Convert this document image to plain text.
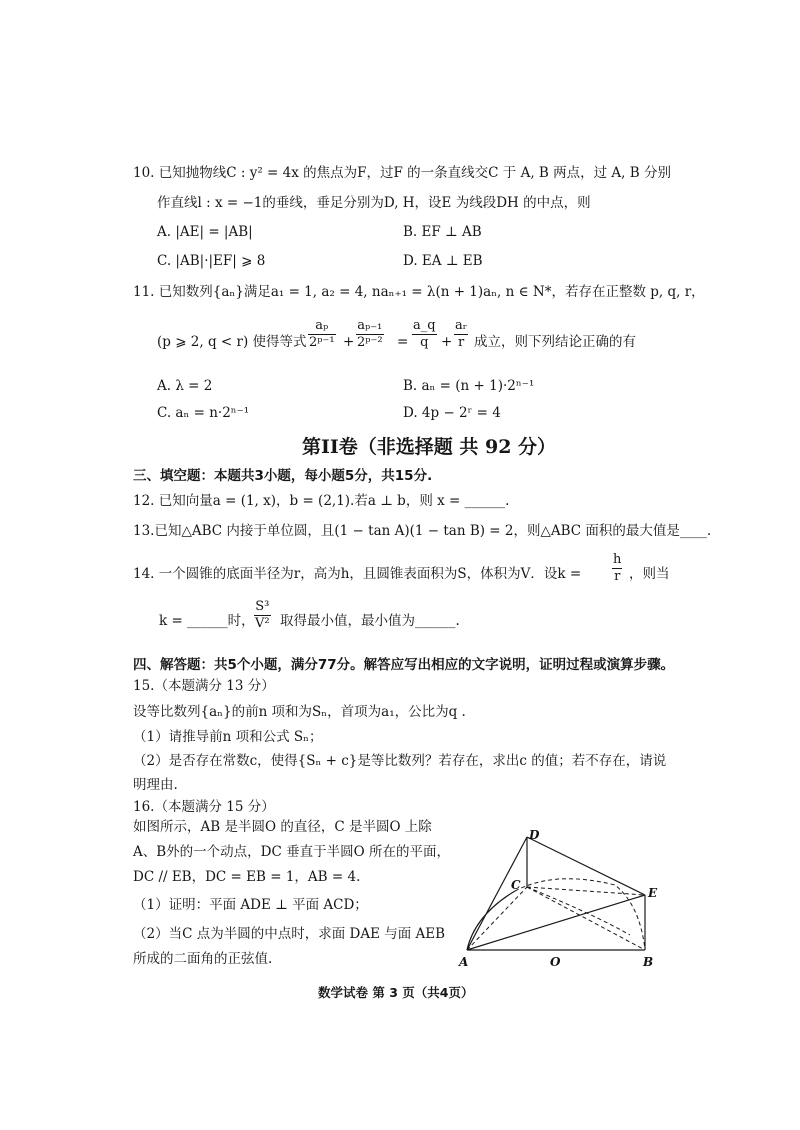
10. 已知抛物线C : y² = 4x 的焦点为F，过F 的一条直线交C 于 A, B 两点，过 A, B 分别
作直线l : x = −1的垂线，垂足分别为D, H，设E 为线段DH 的中点，则
A. |AE| = |AB|	B. EF ⊥ AB
C. |AB|·|EF| ⩾ 8	D. EA ⊥ EB
11. 已知数列{aₙ}满足a₁ = 1, a₂ = 4, naₙ₊₁ = λ(n + 1)aₙ, n ∈ N*，若存在正整数 p, q, r，
(p ⩾ 2, q < r) 使得等式 $\frac{\text{aₚ}}{\text{2ᵖ⁻¹}} + \frac{\text{aₚ₋₁}}{\text{2ᵖ⁻²}} = \frac{a\_q}{q} + \frac{\text{aᵣ}}{r}$ 成立，则下列结论正确的有
A. λ = 2	B. aₙ = (n + 1)·2ⁿ⁻¹
C. aₙ = n·2ⁿ⁻¹	D. 4p − 2ʳ = 4
第II卷（非选择题 共 92 分）
三、填空题：本题共3小题，每小题5分，共15分.
12. 已知向量a = (1, x)，b = (2,1).若a ⊥ b，则 x = ______.
13.已知△ABC 内接于单位圆，且(1 − tan A)(1 − tan B) = 2，则△ABC 面积的最大值是____.
14. 一个圆锥的底面半径为r，高为h，且圆锥表面积为S，体积为V．设$k = \frac{h}{r}$ ，则当
k = ______时， $\frac{\text{S³}}{\text{V²}}$ 取得最小值，最小值为______.
四、解答题：共5个小题，满分77分。解答应写出相应的文字说明，证明过程或演算步骤。
15.（本题满分 13 分）
设等比数列{aₙ}的前n 项和为Sₙ，首项为a₁，公比为q .
（1）请推导前n 项和公式 Sₙ；
（2）是否存在常数c，使得{Sₙ + c}是等比数列？若存在，求出c 的值；若不存在，请说
明理由.
16.（本题满分 15 分）
如图所示，AB 是半圆O 的直径，C 是半圆O 上除
A、B外的一个动点，DC 垂直于半圆O 所在的平面，
DC // EB，DC = EB = 1，AB = 4.
（1）证明：平面 ADE ⊥ 平面 ACD；
（2）当C 点为半圆的中点时，求面 DAE 与面 AEB
所成的二面角的正弦值.
D
C
E
A	O	B
数学试卷 第 3 页（共4页）
